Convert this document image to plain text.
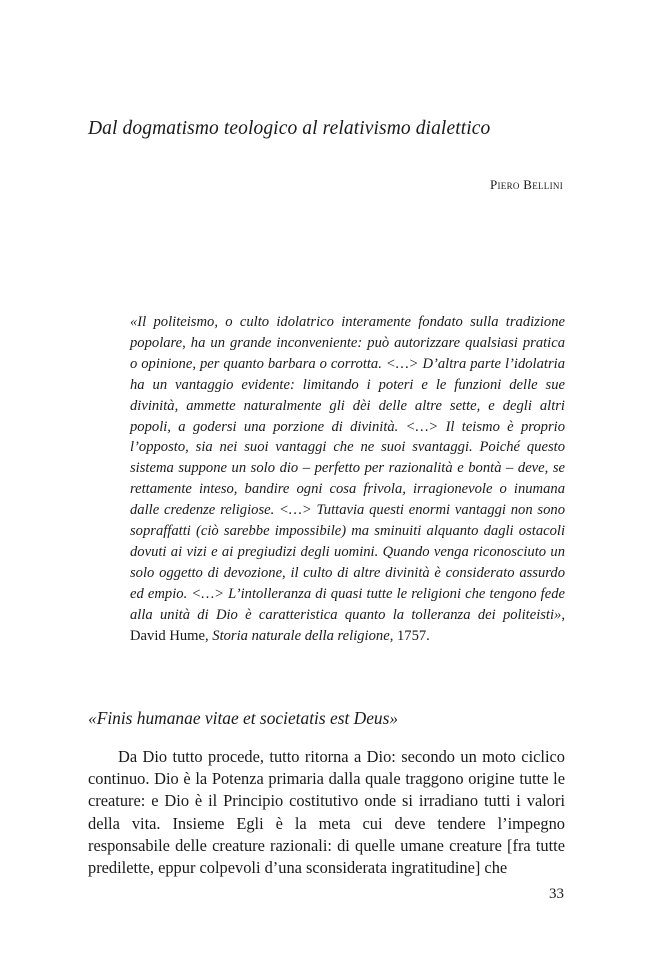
Dal dogmatismo teologico al relativismo dialettico
Piero Bellini
«Il politeismo, o culto idolatrico interamente fondato sulla tradizione popolare, ha un grande inconveniente: può autorizzare qualsiasi pratica o opinione, per quanto barbara o corrotta. <…> D’altra parte l’idolatria ha un vantaggio evidente: limitando i poteri e le funzioni delle sue divinità, ammette naturalmente gli dèi delle altre sette, e degli altri popoli, a godersi una porzione di divinità. <…> Il teismo è proprio l’opposto, sia nei suoi vantaggi che ne suoi svantaggi. Poiché questo sistema suppone un solo dio – perfetto per razionalità e bontà – deve, se rettamente inteso, bandire ogni cosa frivola, irragionevole o inumana dalle credenze religiose. <…> Tuttavia questi enormi vantaggi non sono sopraffatti (ciò sarebbe impossibile) ma sminuiti alquanto dagli ostacoli dovuti ai vizi e ai pregiudizi degli uomini. Quando venga riconosciuto un solo oggetto di devozione, il culto di altre divinità è considerato assurdo ed empio. <…> L’intolleranza di quasi tutte le religioni che tengono fede alla unità di Dio è caratteristica quanto la tolleranza dei politeisti», David Hume, Storia naturale della religione, 1757.
«Finis humanae vitae et societatis est Deus»

Da Dio tutto procede, tutto ritorna a Dio: secondo un moto ciclico continuo. Dio è la Potenza primaria dalla quale traggono origine tutte le creature: e Dio è il Principio costitutivo onde si irradiano tutti i valori della vita. Insieme Egli è la meta cui deve tendere l’impegno responsabile delle creature razionali: di quelle umane creature [fra tutte predilette, eppur colpevoli d’una sconsiderata ingratitudine] che

33
